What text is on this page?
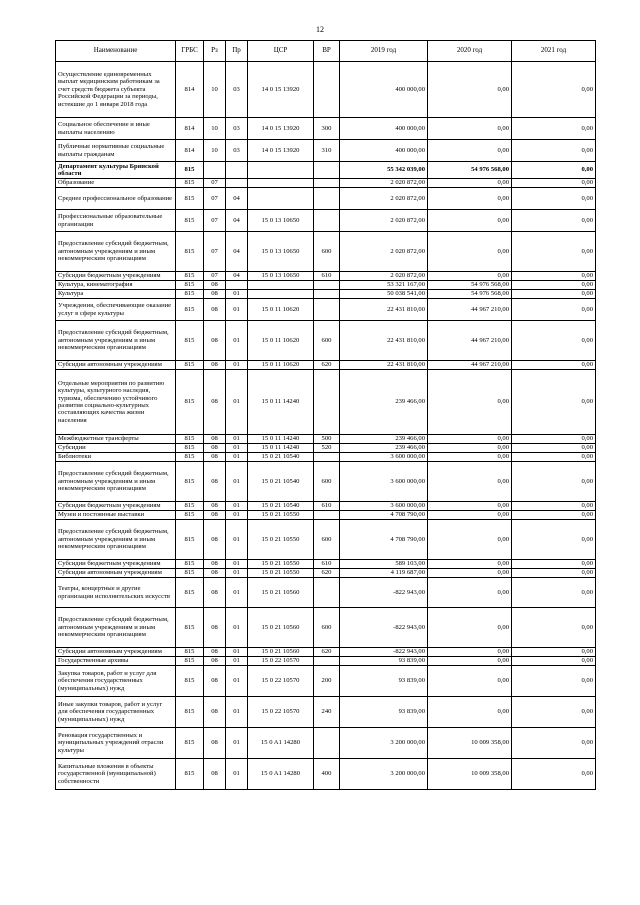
12
Наименование	ГРБС	Рз	Пр	ЦСР	ВР	2019 год	2020 год	2021 год
Осуществление единовременных выплат медицинским работникам за счет средств бюджета субъекта Российской Федерации за периоды, истекшие до 1 января 2018 года	814	10	03	14 0 15 13920		400 000,00	0,00	0,00
Социальное обеспечение и иные выплаты населению	814	10	03	14 0 15 13920	300	400 000,00	0,00	0,00
Публичные нормативные социальные выплаты гражданам	814	10	03	14 0 15 13920	310	400 000,00	0,00	0,00
Департамент культуры Брянской области	815					55 342 039,00	54 976 568,00	0,00
Образование	815	07				2 020 872,00	0,00	0,00
Среднее профессиональное образование	815	07	04			2 020 872,00	0,00	0,00
Профессиональные образовательные организации	815	07	04	15 0 13 10650		2 020 872,00	0,00	0,00
Предоставление субсидий бюджетным, автономным учреждениям и иным некоммерческим организациям	815	07	04	15 0 13 10650	600	2 020 872,00	0,00	0,00
Субсидии бюджетным учреждениям	815	07	04	15 0 13 10650	610	2 020 872,00	0,00	0,00
Культура, кинематография	815	08				53 321 167,00	54 976 568,00	0,00
Культура	815	08	01			50 038 541,00	54 976 568,00	0,00
Учреждения, обеспечивающие оказание услуг в сфере культуры	815	08	01	15 0 11 10620		22 431 810,00	44 967 210,00	0,00
Предоставление субсидий бюджетным, автономным учреждениям и иным некоммерческим организациям	815	08	01	15 0 11 10620	600	22 431 810,00	44 967 210,00	0,00
Субсидии автономным учреждениям	815	08	01	15 0 11 10620	620	22 431 810,00	44 967 210,00	0,00
Отдельные мероприятия по развитию культуры, культурного наследия, туризма, обеспечению устойчивого развития социально-культурных составляющих качества жизни населения	815	08	01	15 0 11 14240		239 466,00	0,00	0,00
Межбюджетные трансферты	815	08	01	15 0 11 14240	500	239 466,00	0,00	0,00
Субсидии	815	08	01	15 0 11 14240	520	239 466,00	0,00	0,00
Библиотеки	815	08	01	15 0 21 10540		3 600 000,00	0,00	0,00
Предоставление субсидий бюджетным, автономным учреждениям и иным некоммерческим организациям	815	08	01	15 0 21 10540	600	3 600 000,00	0,00	0,00
Субсидии бюджетным учреждениям	815	08	01	15 0 21 10540	610	3 600 000,00	0,00	0,00
Музеи и постоянные выставки	815	08	01	15 0 21 10550		4 708 790,00	0,00	0,00
Предоставление субсидий бюджетным, автономным учреждениям и иным некоммерческим организациям	815	08	01	15 0 21 10550	600	4 708 790,00	0,00	0,00
Субсидии бюджетным учреждениям	815	08	01	15 0 21 10550	610	589 103,00	0,00	0,00
Субсидии автономным учреждениям	815	08	01	15 0 21 10550	620	4 119 687,00	0,00	0,00
Театры, концертные и другие организации исполнительских искусств	815	08	01	15 0 21 10560		-822 943,00	0,00	0,00
Предоставление субсидий бюджетным, автономным учреждениям и иным некоммерческим организациям	815	08	01	15 0 21 10560	600	-822 943,00	0,00	0,00
Субсидии автономным учреждениям	815	08	01	15 0 21 10560	620	-822 943,00	0,00	0,00
Государственные архивы	815	08	01	15 0 22 10570		93 839,00	0,00	0,00
Закупка товаров, работ и услуг для обеспечения государственных (муниципальных) нужд	815	08	01	15 0 22 10570	200	93 839,00	0,00	0,00
Иные закупки товаров, работ и услуг для обеспечения государственных (муниципальных) нужд	815	08	01	15 0 22 10570	240	93 839,00	0,00	0,00
Реновация государственных и муниципальных учреждений отрасли культуры	815	08	01	15 0 A1 14280		3 200 000,00	10 009 358,00	0,00
Капитальные вложения в объекты государственной (муниципальной) собственности	815	08	01	15 0 A1 14280	400	3 200 000,00	10 009 358,00	0,00
